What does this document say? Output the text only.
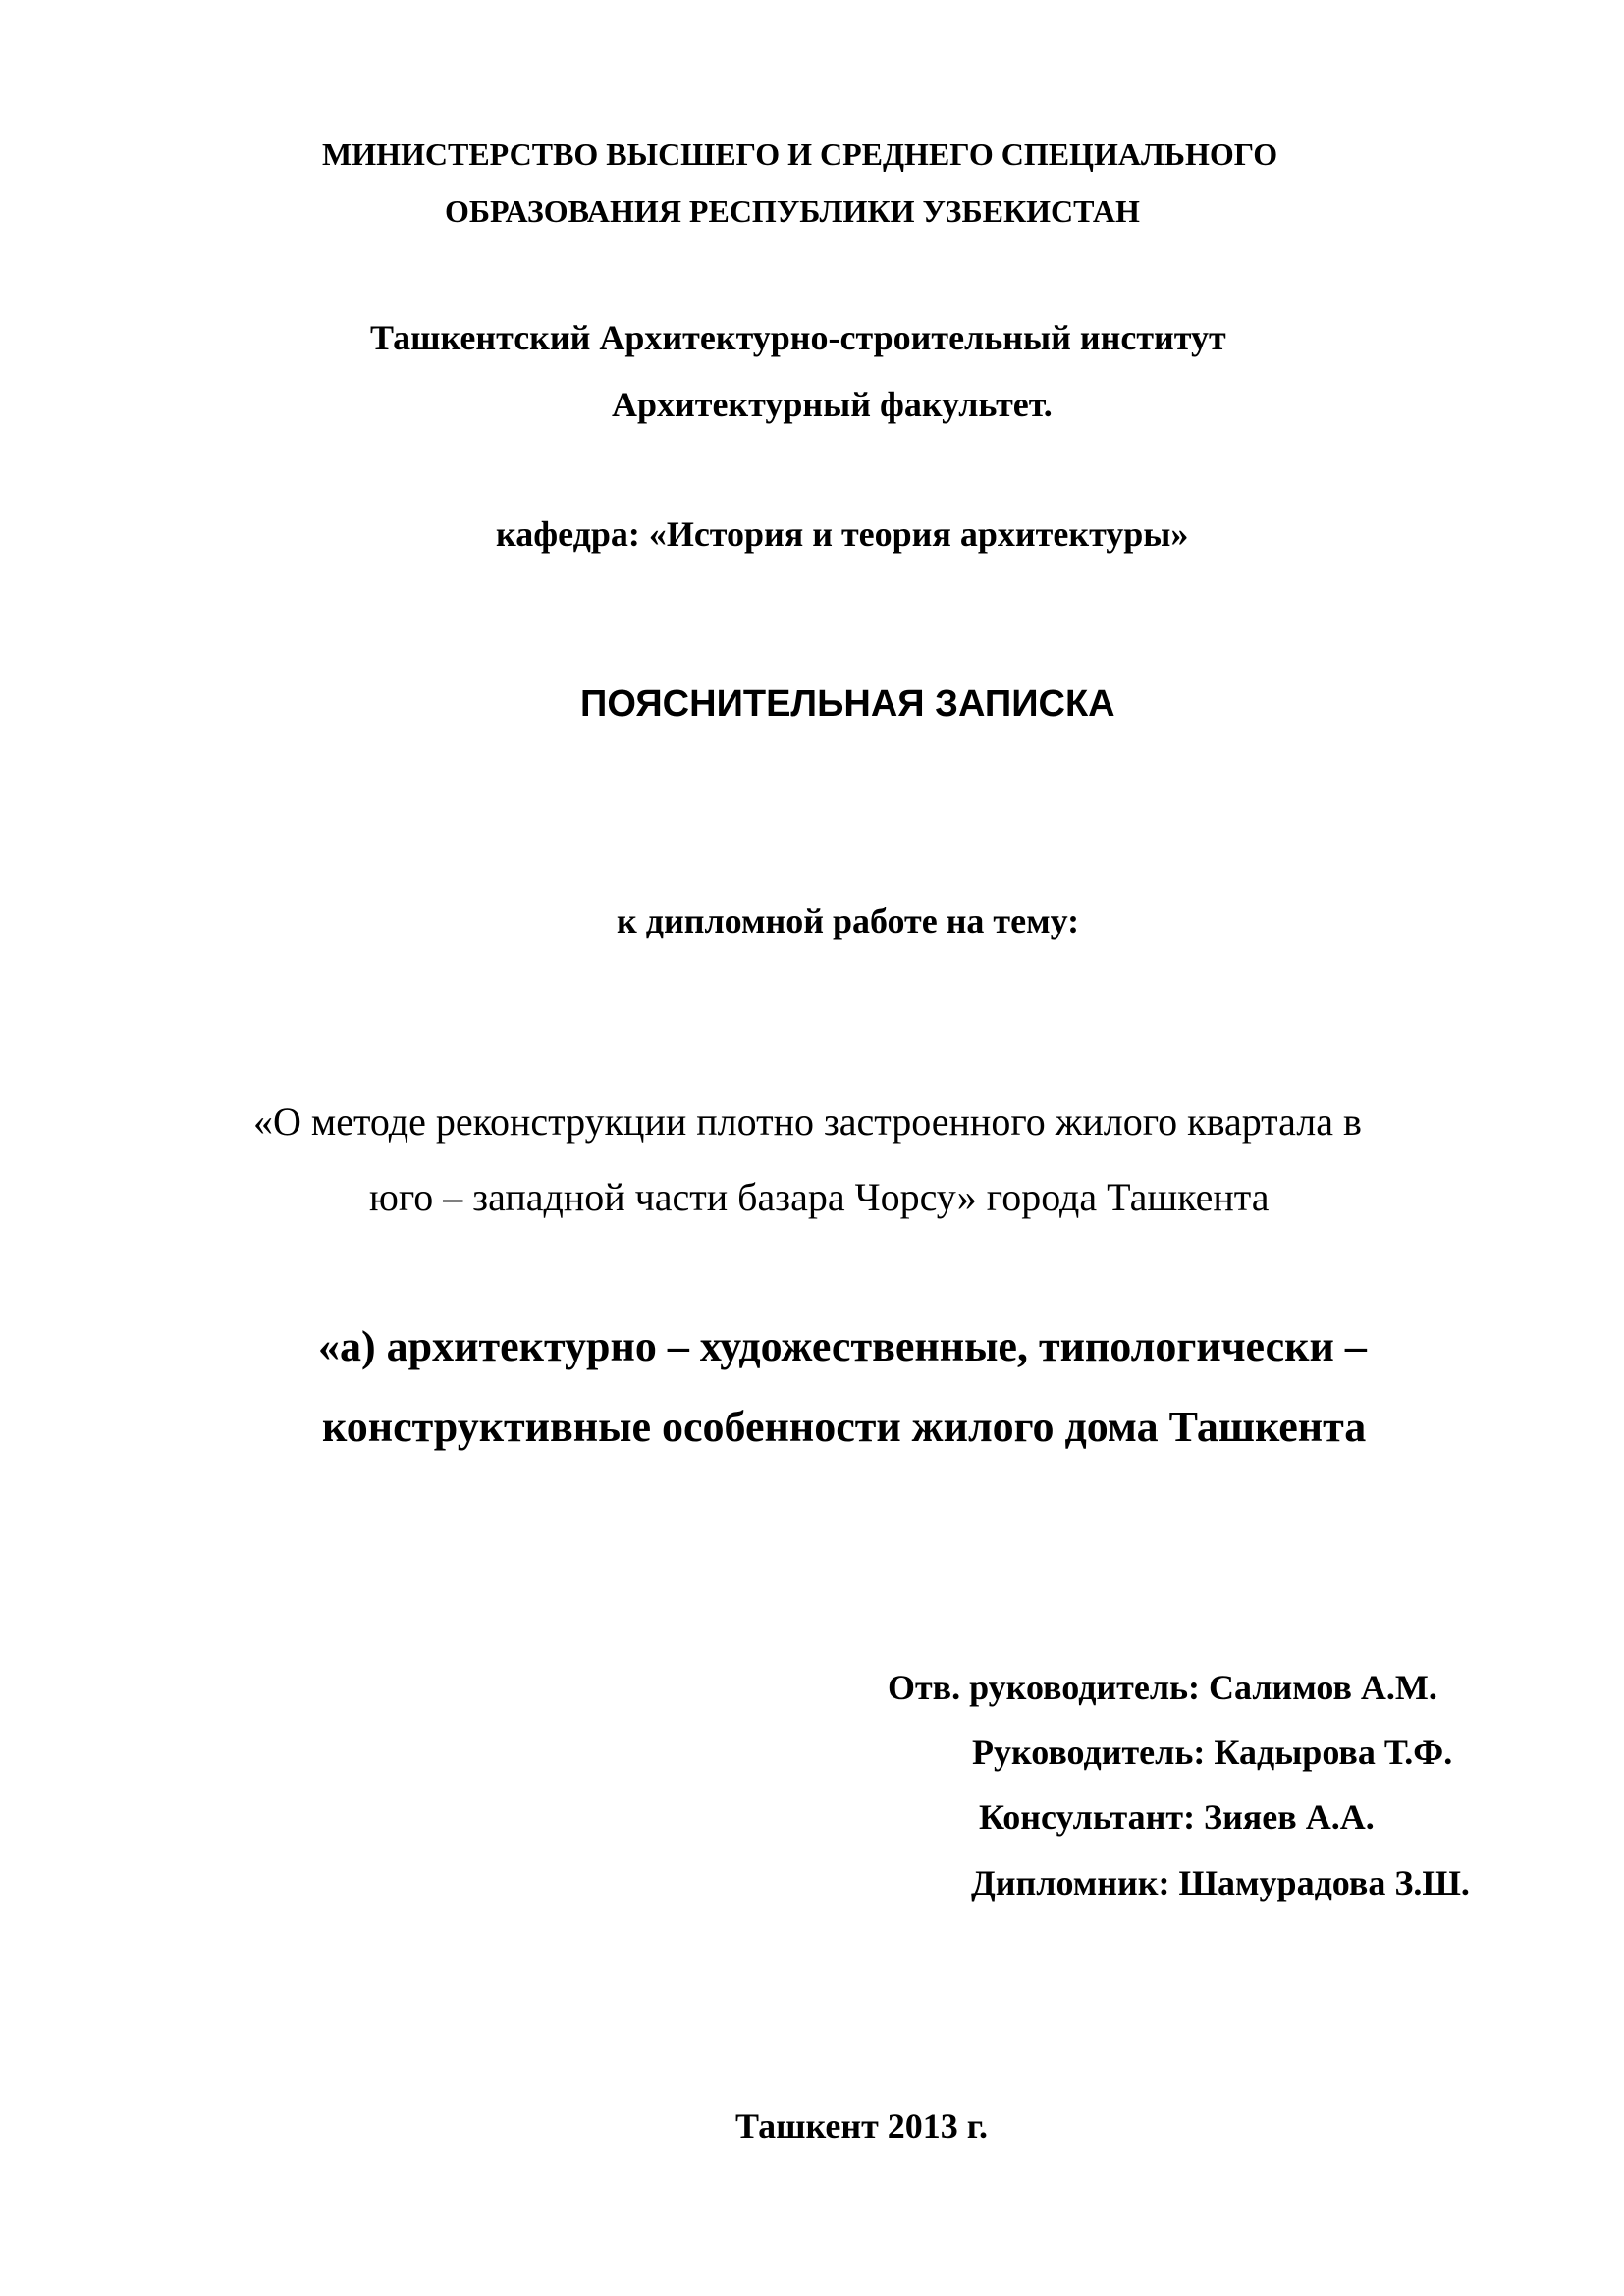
МИНИСТЕРСТВО ВЫСШЕГО И СРЕДНЕГО СПЕЦИАЛЬНОГО

ОБРАЗОВАНИЯ РЕСПУБЛИКИ УЗБЕКИСТАН

Ташкентский Архитектурно-строительный институт

Архитектурный факультет.

кафедра: «История и теория архитектуры»

ПОЯСНИТЕЛЬНАЯ ЗАПИСКА

к дипломной работе на тему:

«О методе реконструкции плотно застроенного жилого квартала в

юго – западной части базара Чорсу» города Ташкента

«а) архитектурно – художественные, типологически –

конструктивные особенности жилого дома Ташкента

Отв. руководитель: Салимов А.М.

Руководитель: Кадырова Т.Ф.

Консультант: Зияев А.А.

Дипломник: Шамурадова З.Ш.

Ташкент 2013 г.
